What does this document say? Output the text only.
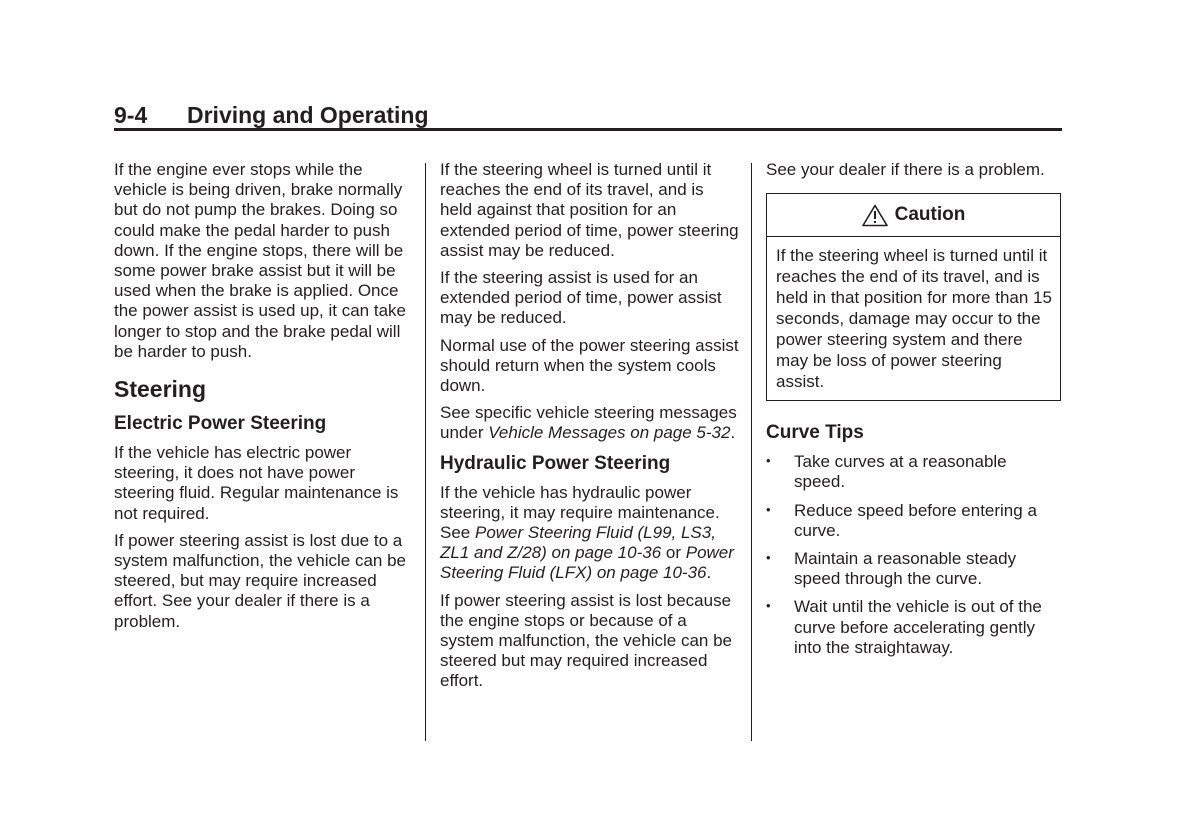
9-4 Driving and Operating

If the engine ever stops while the vehicle is being driven, brake normally but do not pump the brakes. Doing so could make the pedal harder to push down. If the engine stops, there will be some power brake assist but it will be used when the brake is applied. Once the power assist is used up, it can take longer to stop and the brake pedal will be harder to push.

Steering
Electric Power Steering

If the vehicle has electric power steering, it does not have power steering fluid. Regular maintenance is not required.

If power steering assist is lost due to a system malfunction, the vehicle can be steered, but may require increased effort. See your dealer if there is a problem.

If the steering wheel is turned until it reaches the end of its travel, and is held against that position for an extended period of time, power steering assist may be reduced.

If the steering assist is used for an extended period of time, power assist may be reduced.

Normal use of the power steering assist should return when the system cools down.

See specific vehicle steering messages under Vehicle Messages on page 5-32.

Hydraulic Power Steering

If the vehicle has hydraulic power steering, it may require maintenance. See Power Steering Fluid (L99, LS3, ZL1 and Z/28) on page 10-36 or Power Steering Fluid (LFX) on page 10-36.

If power steering assist is lost because the engine stops or because of a system malfunction, the vehicle can be steered but may required increased effort.

See your dealer if there is a problem.

Caution

If the steering wheel is turned until it reaches the end of its travel, and is held in that position for more than 15 seconds, damage may occur to the power steering system and there may be loss of power steering assist.

Curve Tips
• Take curves at a reasonable speed.
• Reduce speed before entering a curve.
• Maintain a reasonable steady speed through the curve.
• Wait until the vehicle is out of the curve before accelerating gently into the straightaway.
